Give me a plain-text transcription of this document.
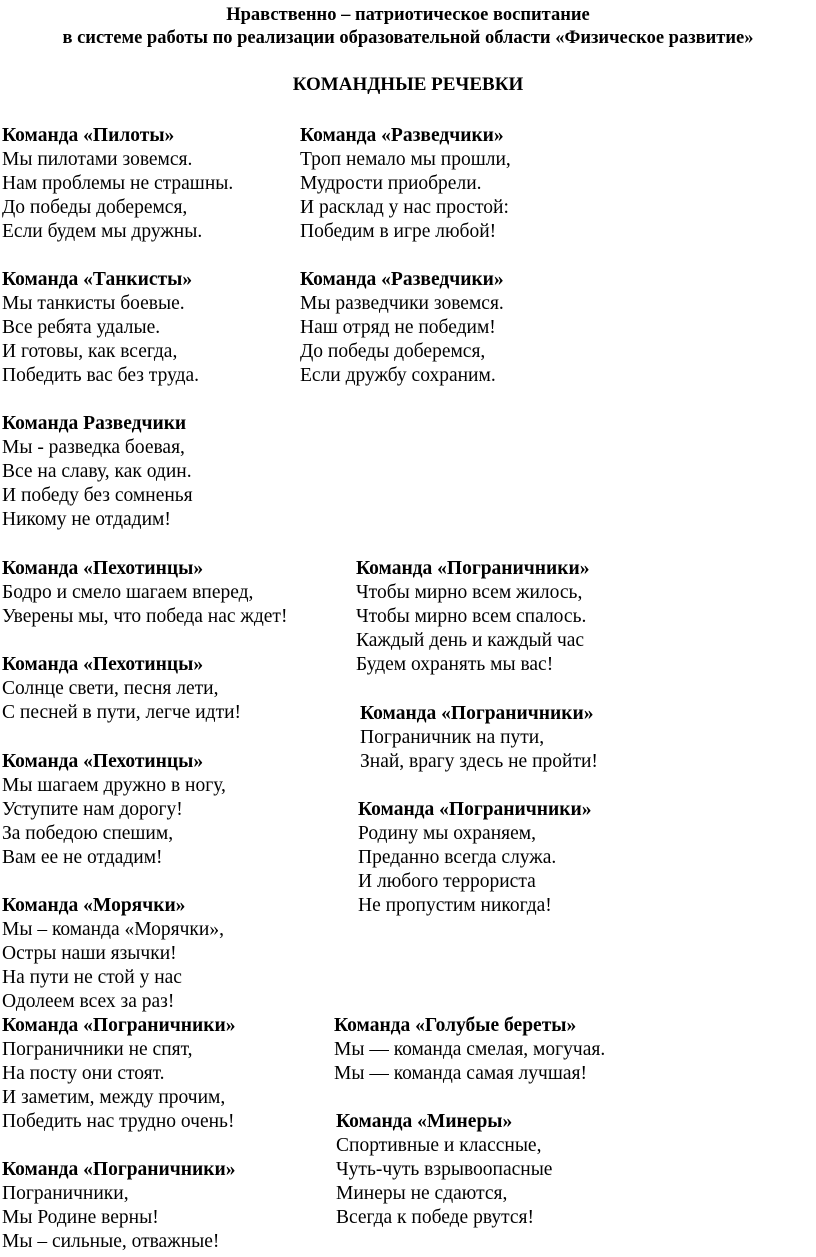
Нравственно – патриотическое воспитание
в системе работы по реализации образовательной области «Физическое развитие»
КОМАНДНЫЕ РЕЧЕВКИ
Команда «Пилоты»
Мы пилотами зовемся.
Нам проблемы не страшны.
До победы доберемся,
Если будем мы дружны.
Команда «Разведчики»
Троп немало мы прошли,
Мудрости приобрели.
И расклад у нас простой:
Победим в игре любой!
Команда «Танкисты»
Мы танкисты боевые.
Все ребята удалые.
И готовы, как всегда,
Победить вас без труда.
Команда «Разведчики»
Мы разведчики зовемся.
Наш отряд не победим!
До победы доберемся,
Если дружбу сохраним.
Команда Разведчики
Мы - разведка боевая,
Все на славу, как один.
И победу без сомненья
Никому не отдадим!
Команда «Пехотинцы»
Бодро и смело шагаем вперед,
Уверены мы, что победа нас ждет!
Команда «Пограничники»
Чтобы мирно всем жилось,
Чтобы мирно всем спалось.
Каждый день и каждый час
Будем охранять мы вас!
Команда «Пехотинцы»
Солнце свети, песня лети,
С песней в пути, легче идти!	Команда «Пограничники»
Пограничник на пути,
Знай, врагу здесь не пройти!
Команда «Пехотинцы»
Мы шагаем дружно в ногу,
Уступите нам дорогу!
За победою спешим,
Вам ее не отдадим!
Команда «Пограничники»
Родину мы охраняем,
Преданно всегда служа.
И любого террориста
Не пропустим никогда!
Команда «Морячки»
Мы – команда «Морячки»,
Остры наши язычки!
На пути не стой у нас
Одолеем всех за раз!
Команда «Пограничники»
Пограничники не спят,
На посту они стоят.
И заметим, между прочим,
Победить нас трудно очень!
Команда «Голубые береты»
Мы — команда смелая, могучая.
Мы — команда самая лучшая!
Команда «Минеры»
Спортивные и классные,
Чуть-чуть взрывоопасные
Минеры не сдаются,
Всегда к победе рвутся!
Команда «Пограничники»
Пограничники,
Мы Родине верны!
Мы – сильные, отважные!
